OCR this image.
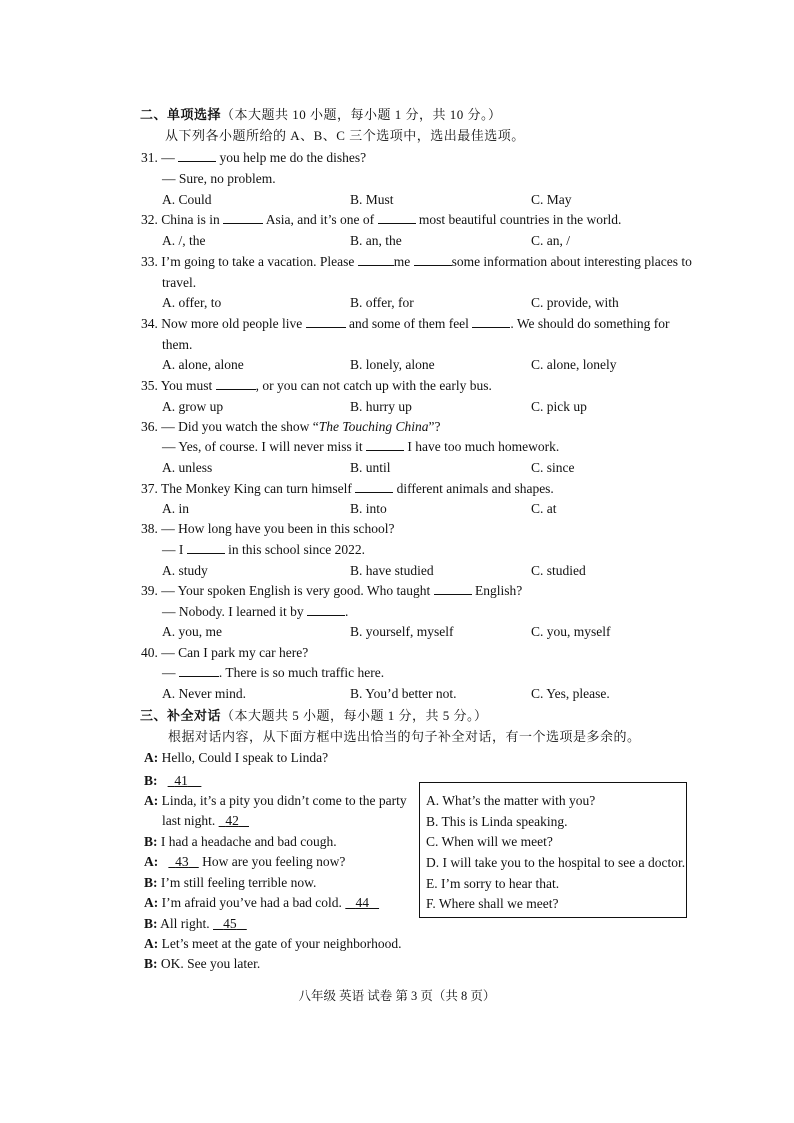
二、单项选择（本大题共 10 小题，每小题 1 分，共 10 分。）
从下列各小题所给的 A、B、C 三个选项中，选出最佳选项。
31. —	you help me do the dishes?
— Sure, no problem.
A. Could	B. Must	C. May
32. China is in	Asia, and it’s one of	most beautiful countries in the world.
A. /, the	B. an, the	C. an, /
33. I’m going to take a vacation. Please	me	some information about interesting places to
travel.
A. offer, to	B. offer, for	C. provide, with
34. Now more old people live	and some of them feel	. We should do something for
them.
A. alone, alone	B. lonely, alone	C. alone, lonely
35. You must	, or you can not catch up with the early bus.
A. grow up	B. hurry up	C. pick up
36. — Did you watch the show “The Touching China”?
— Yes, of course. I will never miss it	I have too much homework.
A. unless	B. until	C. since
37. The Monkey King can turn himself	different animals and shapes.
A. in	B. into	C. at
38. — How long have you been in this school?
— I	in this school since 2022.
A. study	B. have studied	C. studied
39. — Your spoken English is very good. Who taught	English?
— Nobody. I learned it by	.
A. you, me	B. yourself, myself	C. you, myself
40. — Can I park my car here?
—	. There is so much traffic here.
A. Never mind.	B. You’d better not.	C. Yes, please.
三、补全对话（本大题共 5 小题，每小题 1 分，共 5 分。）
根据对话内容，从下面方框中选出恰当的句子补全对话，有一个选项是多余的。
A: Hello, Could I speak to Linda?
B: 41
A: Linda, it’s a pity you didn’t come to the party
last night.   42
B: I had a headache and bad cough.
A: 43    How are you feeling now?
B: I’m still feeling terrible now.
A: I’m afraid you’ve had a bad cold.    44
B: All right.    45
A: Let’s meet at the gate of your neighborhood.
B: OK. See you later.
A. What’s the matter with you?
B. This is Linda speaking.
C. When will we meet?
D. I will take you to the hospital to see a doctor.
E. I’m sorry to hear that.
F. Where shall we meet?
八年级 英语 试卷 第 3 页（共 8 页）
